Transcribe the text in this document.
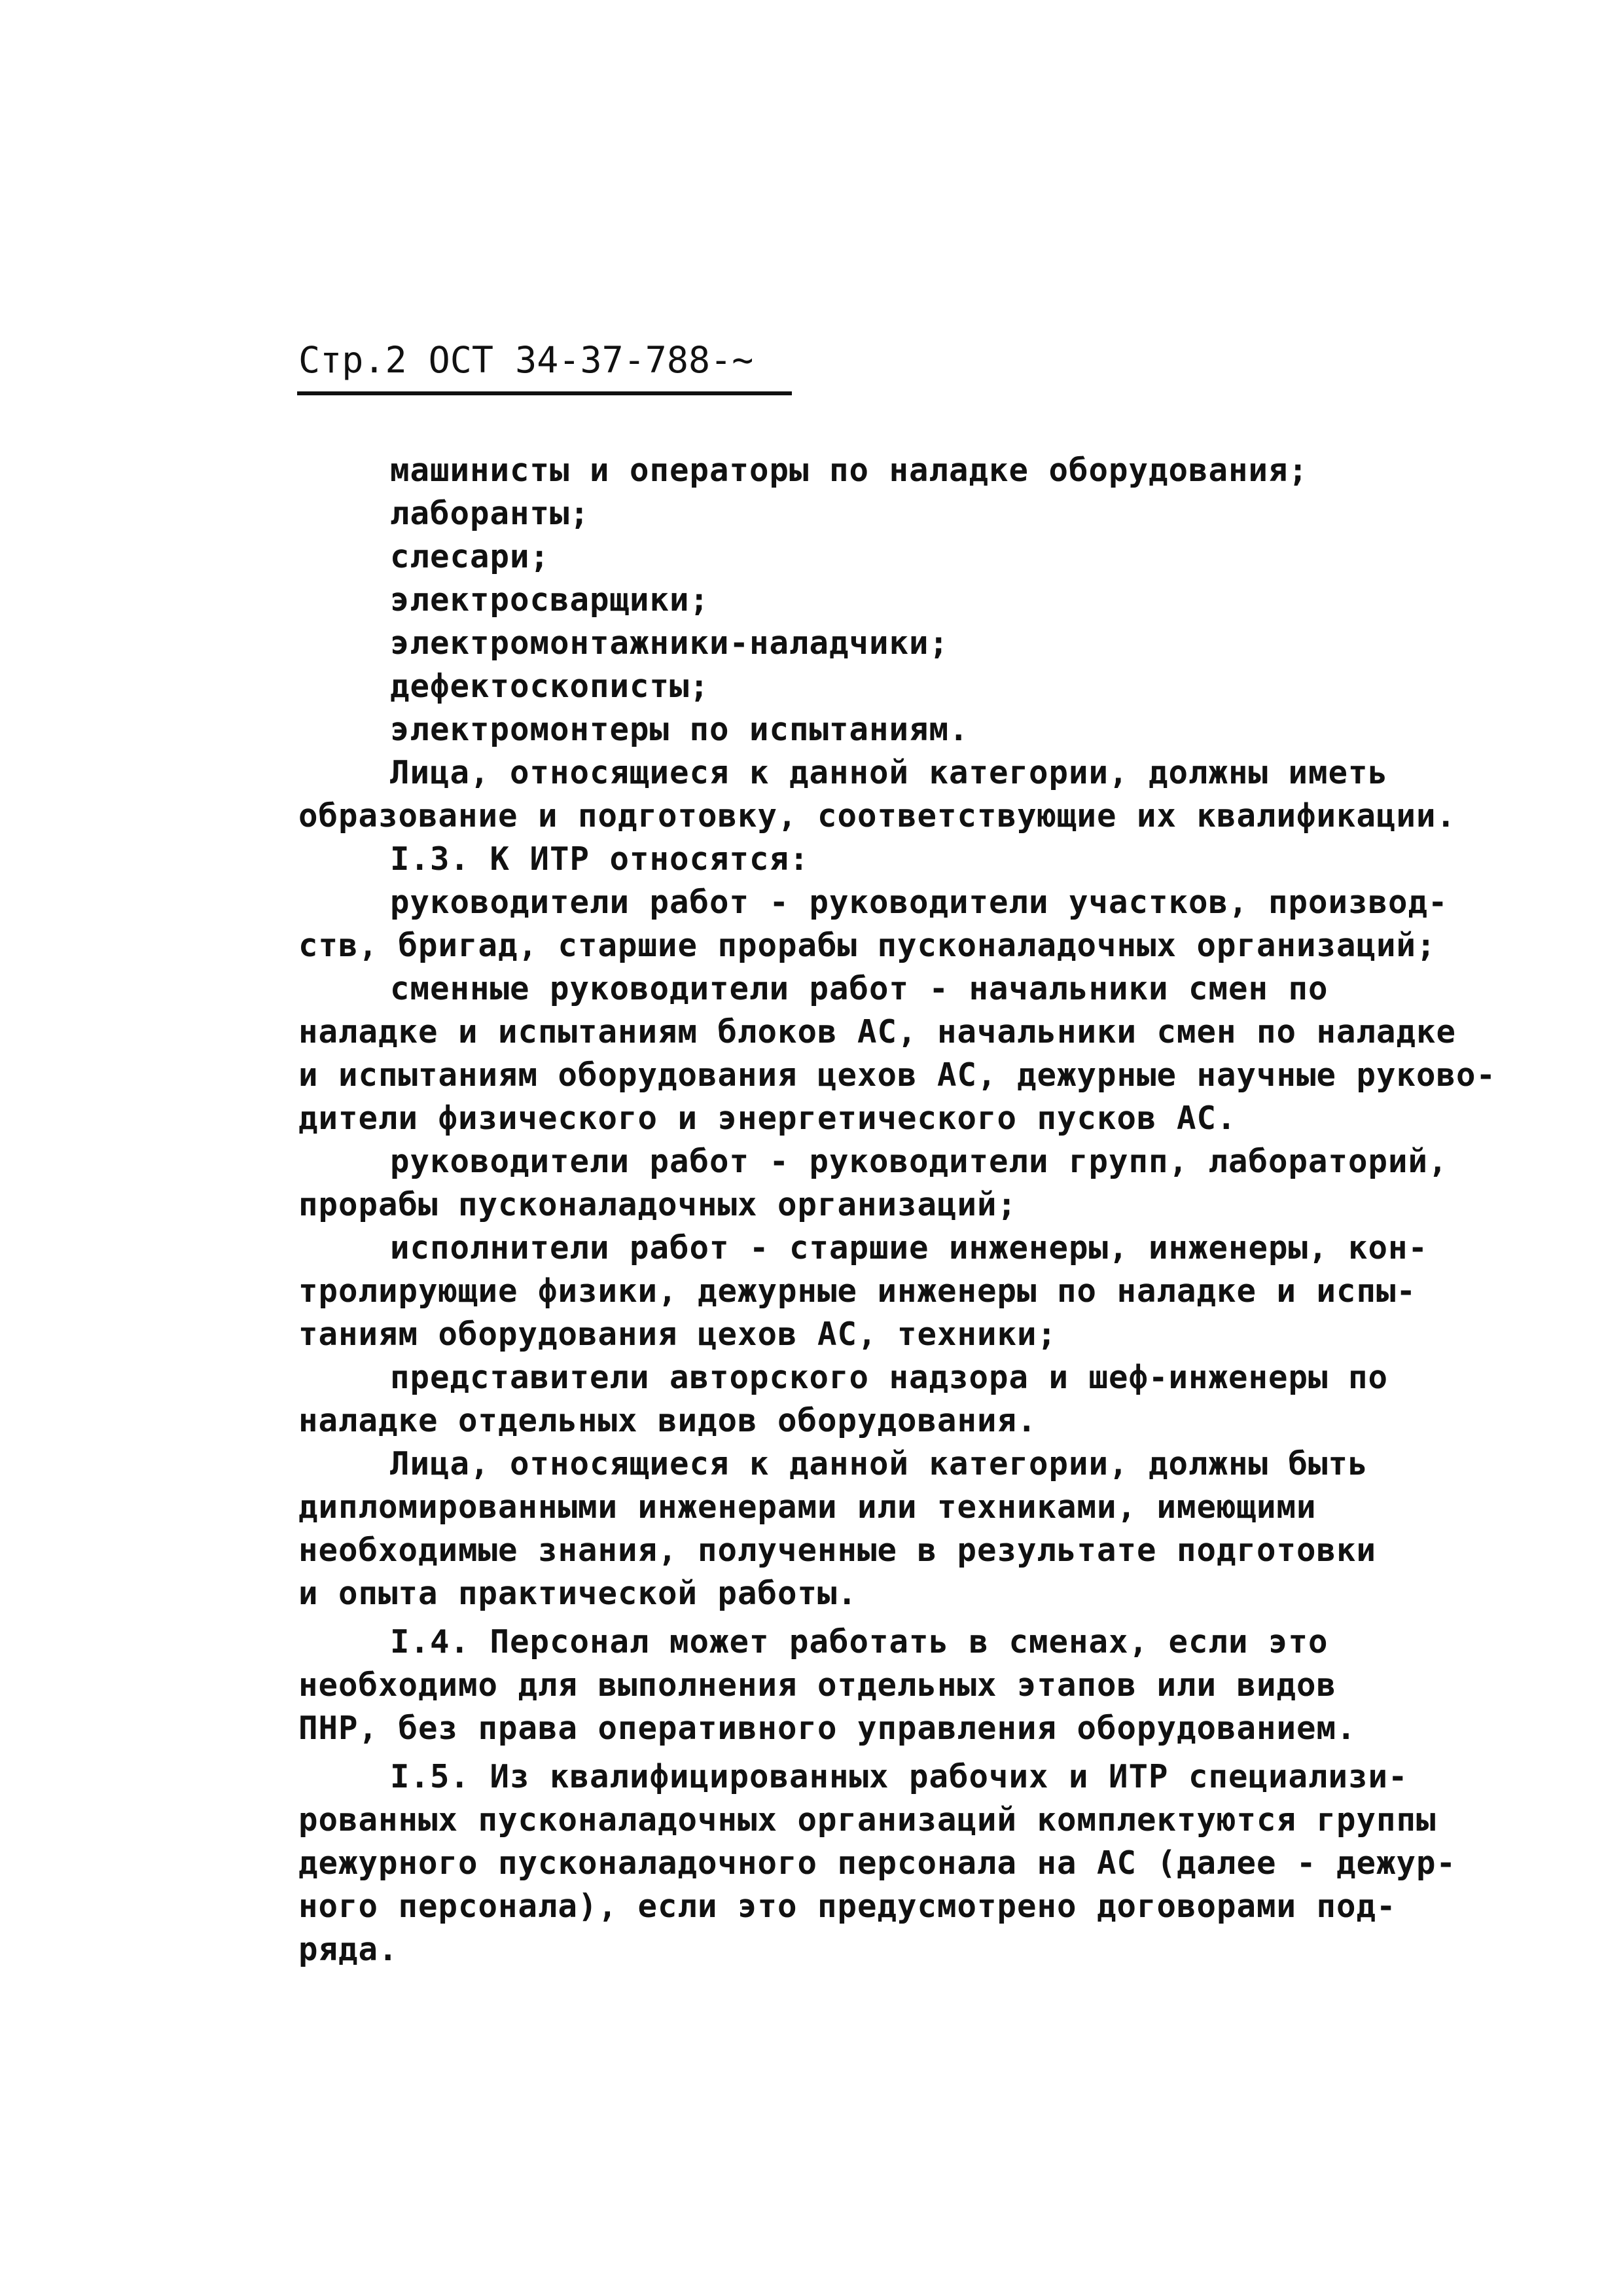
Стр.2 ОСТ 34-37-788-~
машинисты и операторы по наладке оборудования;
лаборанты;
слесари;
электросварщики;
электромонтажники-наладчики;
дефектоскописты;
электромонтеры по испытаниям.
Лица, относящиеся к данной категории, должны иметь
образование и подготовку, соответствующие их квалификации.
I.3. К ИТР относятся:
руководители работ - руководители участков, производ-
ств, бригад, старшие прорабы пусконаладочных организаций;
сменные руководители работ - начальники смен по
наладке и испытаниям блоков АС, начальники смен по наладке
и испытаниям оборудования цехов АС, дежурные научные руково-
дители физического и энергетического пусков АС.
руководители работ - руководители групп, лабораторий,
прорабы пусконаладочных организаций;
исполнители работ - старшие инженеры, инженеры, кон-
тролирующие физики, дежурные инженеры по наладке и испы-
таниям оборудования цехов АС, техники;
представители авторского надзора и шеф-инженеры по
наладке отдельных видов оборудования.
Лица, относящиеся к данной категории, должны быть
дипломированными инженерами или техниками, имеющими
необходимые знания, полученные в результате подготовки
и опыта практической работы.
I.4. Персонал может работать в сменах, если это
необходимо для выполнения отдельных этапов или видов
ПНР, без права оперативного управления оборудованием.
I.5. Из квалифицированных рабочих и ИТР специализи-
рованных пусконаладочных организаций комплектуются группы
дежурного пусконаладочного персонала на АС (далее - дежур-
ного персонала), если это предусмотрено договорами под-
ряда.
